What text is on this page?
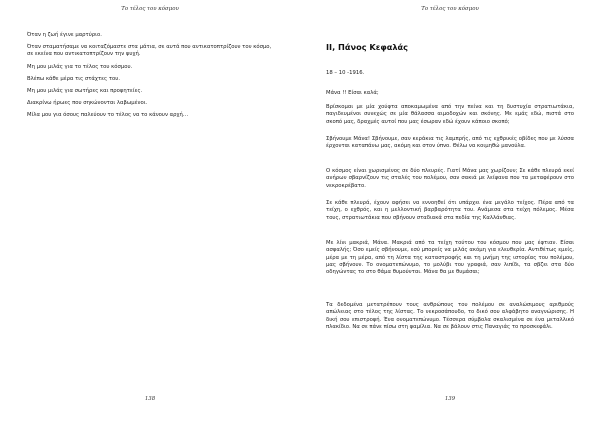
Το τέλος του κόσμου

Όταν η ζωή έγινε μαρτύριο.

Όταν σταματήσαμε να κοιταζόμαστε στα μάτια, σε αυτά που αντικατοπτρίζουν τον κόσμο, σε εκείνα που αντικατοπτρίζουν την ψυχή.

Μη μου μιλάς για το τέλος του κόσμου.

Βλέπω κάθε μέρα τις στάχτες του.

Μη μου μιλάς για σωτήρες και προφητείες.

Διακρίνω ήρωες που σηκώνονται λαβωμένοι.

Μίλα μου για όσους παλεύουν το τέλος να το κάνουν αρχή…

138
Το τέλος του κόσμου
ΙΙ, Πάνος Κεφαλάς

18 – 10 -1916.

Μάνα !! Είσαι καλά;

Βρίσκομαι με μία χούφτα αποκαμωμένα από την πείνα και τη δυστυχία στρατιωτάκια, παγιδευμένοι συνεχώς σε μία θάλασσα αιμοδοχών και σκόνης. Με εμάς εδώ, πιστά στο σκοπό μας, δραχμές αυτοί που μας έσωραν εδώ έχουν κάποιο σκοπό;

Σβήνουμε Μάνα! Σβήνουμε, σαν κεράκια τις λαμπρής, από τις εχθρικές οβίδες που με λύσσα έρχονται καταπάνω μας, ακόμη και στον ύπνο. Θέλω να κοιμηθώ μανούλα.

Ο κόσμος είναι χωρισμένος σε δύο πλευρές. Γιατί Μάνα μας χωρίζουν; Σε κάθε πλευρά εκεί ανήρων σβαρνίζουν τις σταλές του πολέμου, σαν σακιά με λείψανα που τα μεταφέρουν στο νεκροκρέβατο.

Σε κάθε πλευρά, έχουν αφήσει να εννοηθεί ότι υπάρχει ένα μεγάλο τείχος. Πέρα από τα τείχη, ο εχθρός, και η μελλοντική βαρβαρότητα του. Ανάμεσα στα τείχη πόλεμος. Μέσα τους, στρατιωτάκια που σβήνουν σταδιακά στα πεδία της Καλλάνθιας.

Με λίνι μακριά, Μάνα. Μακριά από τα τείχη τούτου του κόσμου που μας έφτιαν. Είσαι ασφαλής; Όσο εμείς σβήνουμε, εσύ μπορείς να μιλάς ακόμη για ελευθερία. Αντιθέτως εμείς, μέρα με τη μέρα, από τη λίστα της καταστροφής και τη μνήμη της ιστορίας του πολέμου, μας σβήνουν. Το ονοματεπώνυμο, το μολύβι του γραφιά, σαν λιπίδι, τα σβζει στα δύο οδηγώντας το στο θάμα θυμούνται. Μάνα θα με θυμάσαι;

Τα δεδομένα μετατρέπουν τους ανθρώπους του πολέμου σε αναλώσιμους αριθμούς απώλειας στο τέλος της λίστας. Το νεκροσάπουδο, το δικό σου αλφάβητο αναγνώρισης. Η δική σου επιστροφή. Ένα ονοματεπώνυμο. Τέσσερα σύμβολα σκαλισμένα σε ένα μεταλλικό πλακίδιο. Να σε πάνε πίσω στη φαμίλια. Να σε βάλουν στις Παναγιάς το προσκεφάλι.

139
